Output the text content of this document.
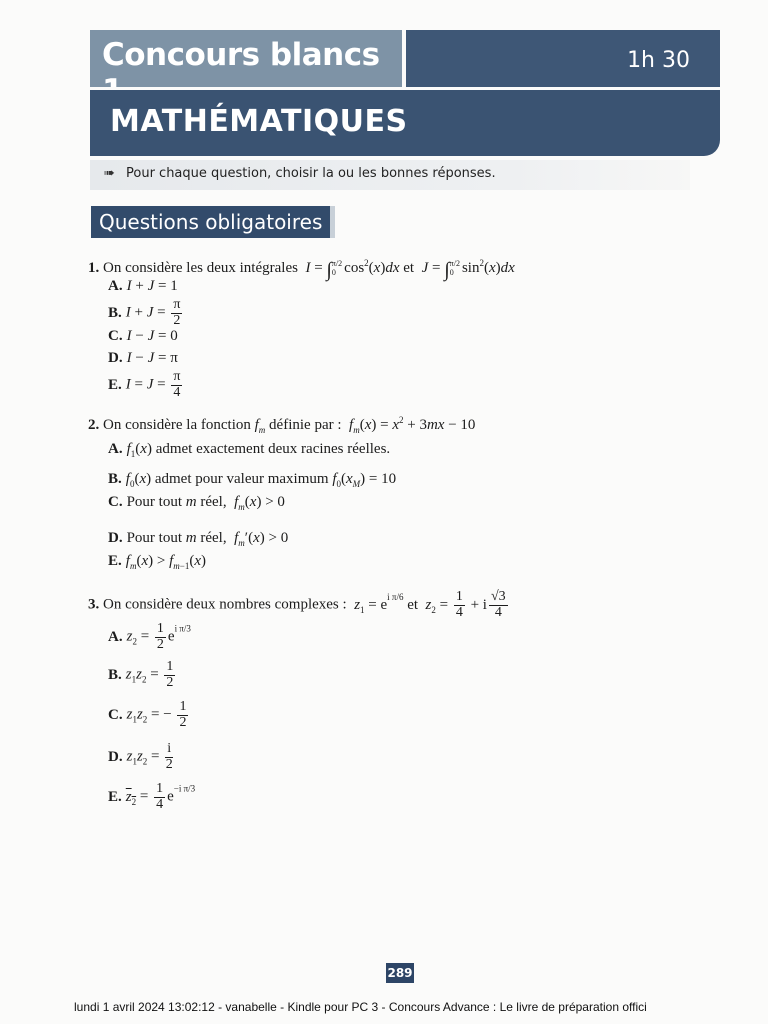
Concours blancs	1h 30
MATHÉMATIQUES
➠ Pour chaque question, choisir la ou les bonnes réponses.
Questions obligatoires
1. On considère les deux intégrales I = ∫ π/2
0 $\cos^2(x)dx$ et  J = ∫ π/2
0 $\sin^2(x)dx$
A. I + J = 1
B. $I + J = \frac{\pi}{2}$
C. I − J = 0
D. I − J = π
E. $I = J = \frac{\pi}{4}$
2. On considère la fonction $f_m$ définie par :  $f_m(x) = x^2 + 3mx - 10$
A. $f_1(x)$ admet exactement deux racines réelles.
B. $f_0(x)$ admet pour valeur maximum $f_0(x_M) = 10$
C. Pour tout m réel,  $f_m(x) > 0$
D. Pour tout m réel,  $f_m'(x) > 0$
E. $f_m(x) > f_{m-1}(x)$
3. On considère deux nombres complexes : $z_1 = e^{i \pi/6}$ et  $z_2 = \frac{1}{4} + i \frac{√3}{4}$
A. $z_2 = \frac{1}{2} e^{i \pi/3}$
B. $z_1z_2 = \frac{1}{2}$
C. $z_1z_2$ = − $\frac{1}{2}$
D. $z_1z_2 = \frac{i}{2}$
E. $z_2 = \frac{1}{4} e^{-i \pi/3}$
289
lundi 1 avril 2024 13:02:12 - vanabelle - Kindle pour PC 3 - Concours Advance : Le livre de préparation offici
